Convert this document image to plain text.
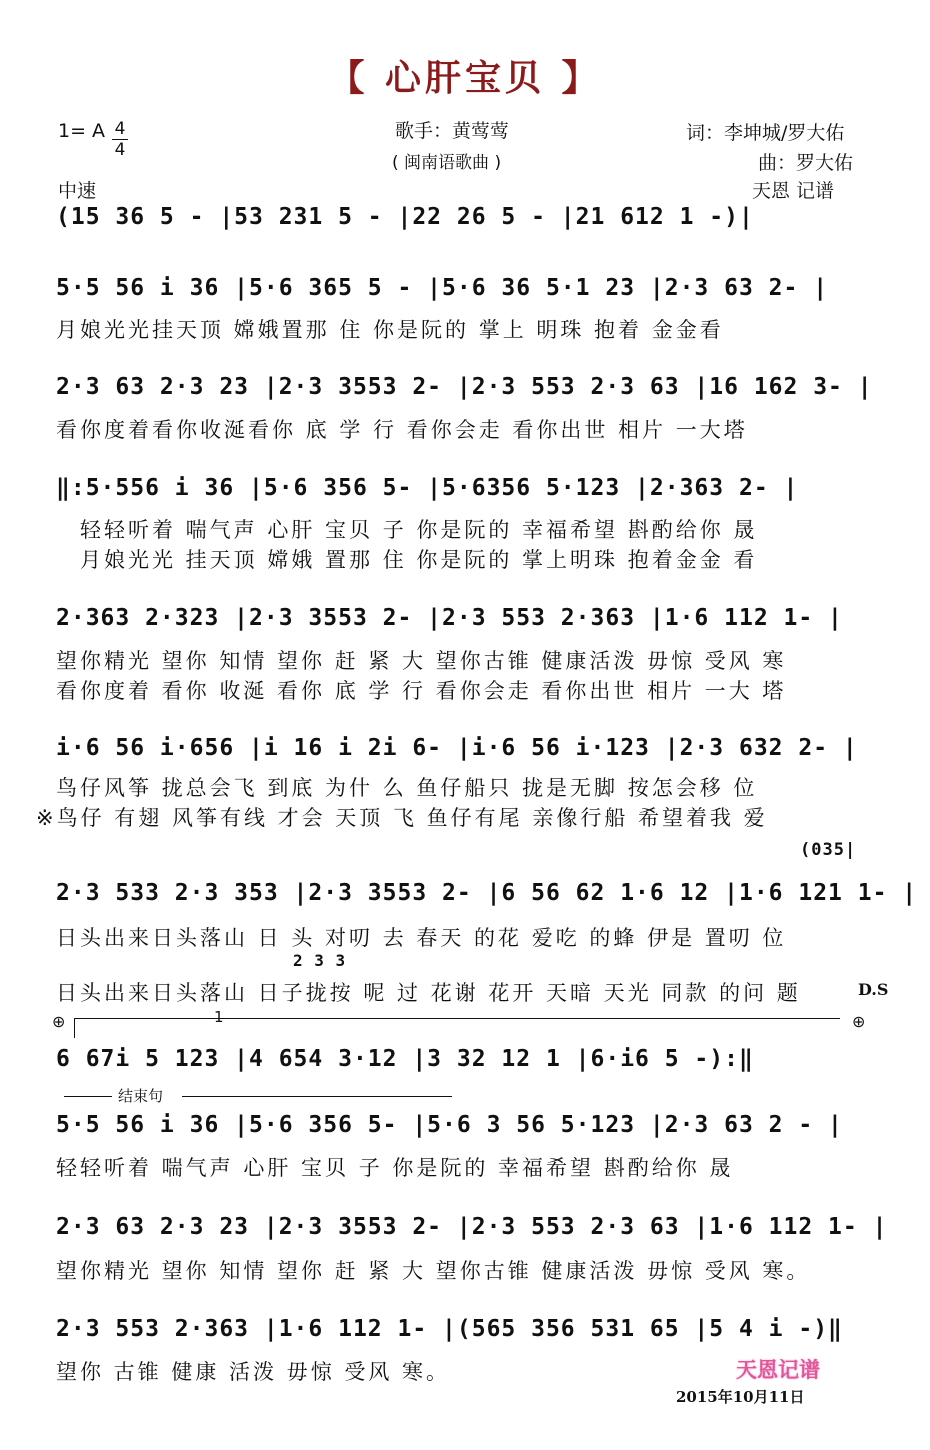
【 心肝宝贝 】
1= A 4
4
中速
歌手：黄莺莺
( 闽南语歌曲 )
词：李坤城/罗大佑
曲：罗大佑
天恩 记谱
(15 36 5 - |53 231 5 - |22 26 5 - |21 612 1 -)|
5·5 56 i 36 |5·6 365 5 - |5·6 36 5·1 23 |2·3 63 2- |
月娘光光挂天顶 嫦娥置那 住 你是阮的 掌上 明珠 抱着 金金看
2·3 63 2·3 23 |2·3 3553 2- |2·3 553 2·3 63 |16 162 3- |
看你度着看你收涎看你 底 学 行 看你会走 看你出世 相片 一大塔
‖:5·556 i 36 |5·6 356 5- |5·6356 5·123 |2·363 2- |
轻轻听着 喘气声 心肝 宝贝 子 你是阮的 幸福希望 斟酌给你 晟
月娘光光 挂天顶 嫦娥 置那 住 你是阮的 掌上明珠 抱着金金 看
2·363 2·323 |2·3 3553 2- |2·3 553 2·363 |1·6 112 1- |
望你精光 望你 知情 望你 赶 紧 大 望你古锥 健康活泼 毋惊 受风 寒
看你度着 看你 收涎 看你 底 学 行 看你会走 看你出世 相片 一大 塔
i·6 56 i·656 |i 16 i 2i 6- |i·6 56 i·123 |2·3 632 2- |
鸟仔风筝 拢总会飞 到底 为什 么 鱼仔船只 拢是无脚 按怎会移 位
※鸟仔 有翅 风筝有线 才会 天顶 飞 鱼仔有尾 亲像行船 希望着我 爱
(035|
2·3 533 2·3 353 |2·3 3553 2- |6 56 62 1·6 12 |1·6 121 1- |
日头出来日头落山 日 头 对叨 去 春天 的花 爱吃 的蜂 伊是 置叨 位
2 3 3
日头出来日头落山 日子拢按 呢 过 花谢 花开 天暗 天光 同款 的问 题	D.S
1
⊕	⊕
6 67i 5 123 |4 654 3·12 |3 32 12 1 |6·i6 5 -):‖
结束句
5·5 56 i 36 |5·6 356 5- |5·6 3 56 5·123 |2·3 63 2 - |
轻轻听着 喘气声 心肝 宝贝 子 你是阮的 幸福希望 斟酌给你 晟
2·3 63 2·3 23 |2·3 3553 2- |2·3 553 2·3 63 |1·6 112 1- |
望你精光 望你 知情 望你 赶 紧 大 望你古锥 健康活泼 毋惊 受风 寒。
2·3 553 2·363 |1·6 112 1- |(565 356 531 65 |5 4 i -)‖
望你 古锥 健康 活泼 毋惊 受风 寒。	天恩记谱
2015年10月11日
